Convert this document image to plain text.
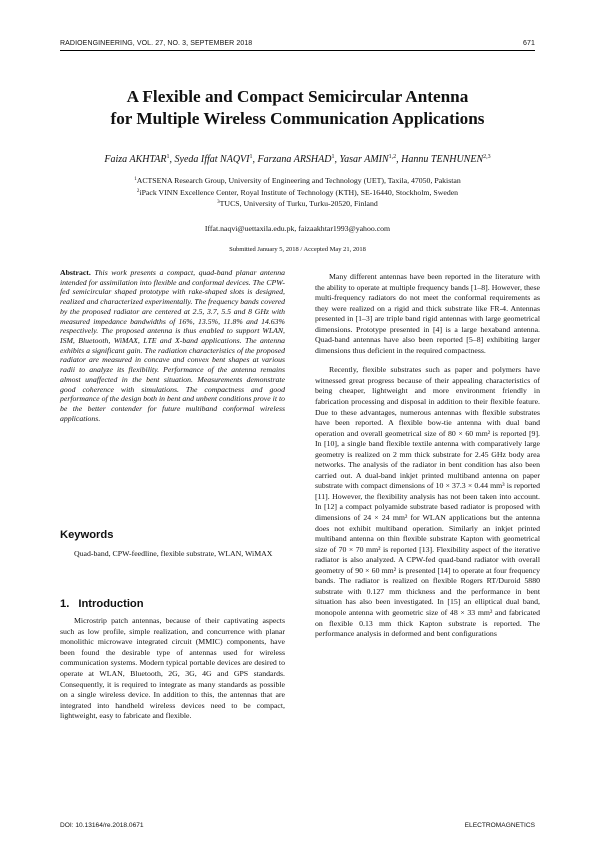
RADIOENGINEERING, VOL. 27, NO. 3, SEPTEMBER 2018	671
A Flexible and Compact Semicircular Antenna
for Multiple Wireless Communication Applications
Faiza AKHTAR$^1$, Syeda Iffat NAQVI$^1$, Farzana ARSHAD$^1$, Yasar AMIN$^{1,2}$, Hannu TENHUNEN$^{2,3}$
$^1$ACTSENA Research Group, University of Engineering and Technology (UET), Taxila, 47050, Pakistan
$^2$iPack VINN Excellence Center, Royal Institute of Technology (KTH), SE-16440, Stockholm, Sweden
$^3$TUCS, University of Turku, Turku-20520, Finland
Iffat.naqvi@uettaxila.edu.pk, faizaakhtar1993@yahoo.com
Submitted January 5, 2018 / Accepted May 21, 2018

Abstract. This work presents a compact, quad-band planar antenna intended for assimilation into flexible and conformal devices. The CPW-fed semicircular shaped prototype with rake-shaped slots is designed, realized and characterized experimentally. The frequency bands covered by the proposed radiator are centered at 2.5, 3.7, 5.5 and 8 GHz with measured impedance bandwidths of 16%, 13.5%, 11.8% and 14.63% respectively. The proposed antenna is thus enabled to support WLAN, ISM, Bluetooth, WiMAX, LTE and X-band applications. The antenna exhibits a significant gain. The radiation characteristics of the proposed radiator are measured in concave and convex bent shapes at various radii to analyze its flexibility. Performance of the antenna remains almost unaffected in the bent situation. Measurements demonstrate good coherence with simulations. The compactness and good performance of the design both in bent and unbent conditions prove it to be the better contender for future multiband conformal wireless applications.

Keywords

Quad-band, CPW-feedline, flexible substrate, WLAN, WiMAX

1. Introduction

Microstrip patch antennas, because of their captivating aspects such as low profile, simple realization, and concurrence with planar monolithic microwave integrated circuit (MMIC) components, have been found the desirable type of antennas used for wireless communication systems. Modern typical portable devices are desired to operate at WLAN, Bluetooth, 2G, 3G, 4G and GPS standards. Consequently, it is required to integrate as many standards as possible on a single wireless device. In addition to this, the antennas that are integrated into handheld wireless devices need to be compact, lightweight, easy to fabricate and flexible.

Many different antennas have been reported in the literature with the ability to operate at multiple frequency bands [1–8]. However, these multi-frequency radiators do not meet the conformal requirements as they were realized on a rigid and thick substrate like FR-4. Antennas presented in [1–3] are triple band rigid antennas with large geometrical dimensions. Prototype presented in [4] is a large hexaband antenna. Quad-band antennas have also been reported [5–8] exhibiting larger dimensions thus deficient in the required compactness.

Recently, flexible substrates such as paper and polymers have witnessed great progress because of their appealing characteristics of being cheaper, lightweight and more environment friendly in fabrication processing and disposal in addition to their flexible feature. Due to these advantages, numerous antennas with flexible substrates have been reported. A flexible bow-tie antenna with dual band operation and overall geometrical size of 80 × 60 mm² is reported [9]. In [10], a single band flexible textile antenna with comparatively large geometry is realized on 2 mm thick substrate for 2.45 GHz body area networks. The analysis of the radiator in bent condition has also been carried out. A dual-band inkjet printed multiband antenna on paper substrate with compact dimensions of 10 × 37.3 × 0.44 mm³ is reported [11]. However, the flexibility analysis has not been taken into account. In [12] a compact polyamide substrate based radiator is proposed with dimensions of 24 × 24 mm² for WLAN applications but the antenna does not exhibit multiband operation. Similarly an inkjet printed multiband antenna on thin flexible substrate Kapton with geometrical size of 70 × 70 mm² is reported [13]. Flexibility aspect of the iterative radiator is also analyzed. A CPW-fed quad-band radiator with overall geometry of 90 × 60 mm² is presented [14] to operate at four frequency bands. The radiator is realized on flexible Rogers RT/Duroid 5880 substrate with 0.127 mm thickness and the performance in bent situation has also been investigated. In [15] an elliptical dual band, monopole antenna with geometric size of 48 × 33 mm² and fabricated on flexible 0.13 mm thick Kapton substrate is reported. The performance analysis in deformed and bent configurations

DOI: 10.13164/re.2018.0671	ELECTROMAGNETICS
